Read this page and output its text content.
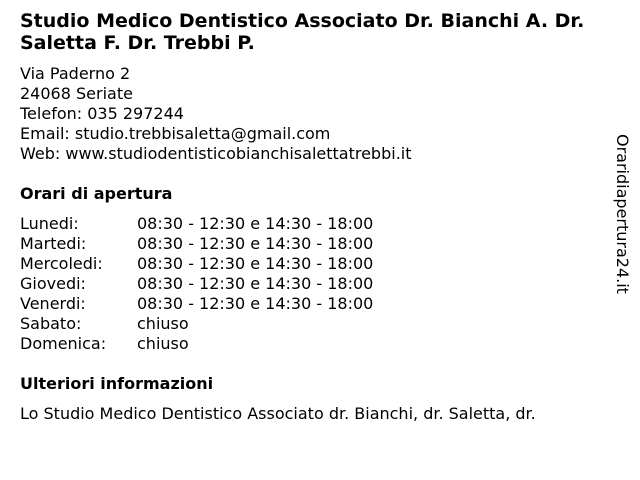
Studio Medico Dentistico Associato Dr. Bianchi A. Dr. Saletta F. Dr. Trebbi P.
Via Paderno 2
24068 Seriate
Telefon: 035 297244
Email: studio.trebbisaletta@gmail.com
Web: www.studiodentisticobianchisalettatrebbi.it
Orari di apertura
Lunedi:	08:30 - 12:30 e 14:30 - 18:00
Martedi:	08:30 - 12:30 e 14:30 - 18:00
Mercoledi:	08:30 - 12:30 e 14:30 - 18:00
Giovedi:	08:30 - 12:30 e 14:30 - 18:00
Venerdi:	08:30 - 12:30 e 14:30 - 18:00
Sabato:	chiuso
Domenica:	chiuso
Ulteriori informazioni
Lo Studio Medico Dentistico Associato dr. Bianchi, dr. Saletta, dr.
Oraridiapertura24.it
